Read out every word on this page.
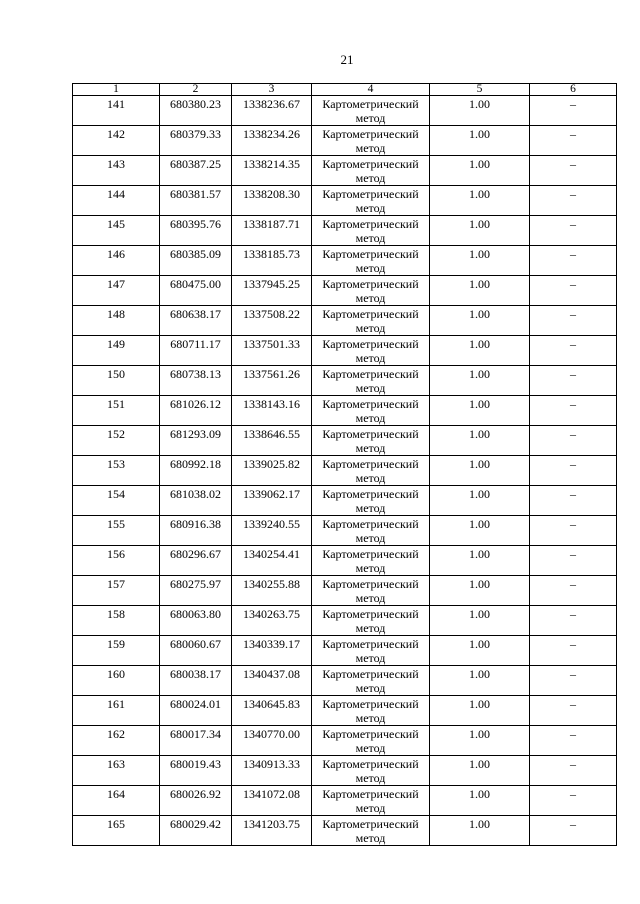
21
1	2	3	4	5	6
141	680380.23	1338236.67	Картометрический метод	1.00	–
142	680379.33	1338234.26	Картометрический метод	1.00	–
143	680387.25	1338214.35	Картометрический метод	1.00	–
144	680381.57	1338208.30	Картометрический метод	1.00	–
145	680395.76	1338187.71	Картометрический метод	1.00	–
146	680385.09	1338185.73	Картометрический метод	1.00	–
147	680475.00	1337945.25	Картометрический метод	1.00	–
148	680638.17	1337508.22	Картометрический метод	1.00	–
149	680711.17	1337501.33	Картометрический метод	1.00	–
150	680738.13	1337561.26	Картометрический метод	1.00	–
151	681026.12	1338143.16	Картометрический метод	1.00	–
152	681293.09	1338646.55	Картометрический метод	1.00	–
153	680992.18	1339025.82	Картометрический метод	1.00	–
154	681038.02	1339062.17	Картометрический метод	1.00	–
155	680916.38	1339240.55	Картометрический метод	1.00	–
156	680296.67	1340254.41	Картометрический метод	1.00	–
157	680275.97	1340255.88	Картометрический метод	1.00	–
158	680063.80	1340263.75	Картометрический метод	1.00	–
159	680060.67	1340339.17	Картометрический метод	1.00	–
160	680038.17	1340437.08	Картометрический метод	1.00	–
161	680024.01	1340645.83	Картометрический метод	1.00	–
162	680017.34	1340770.00	Картометрический метод	1.00	–
163	680019.43	1340913.33	Картометрический метод	1.00	–
164	680026.92	1341072.08	Картометрический метод	1.00	–
165	680029.42	1341203.75	Картометрический метод	1.00	–
